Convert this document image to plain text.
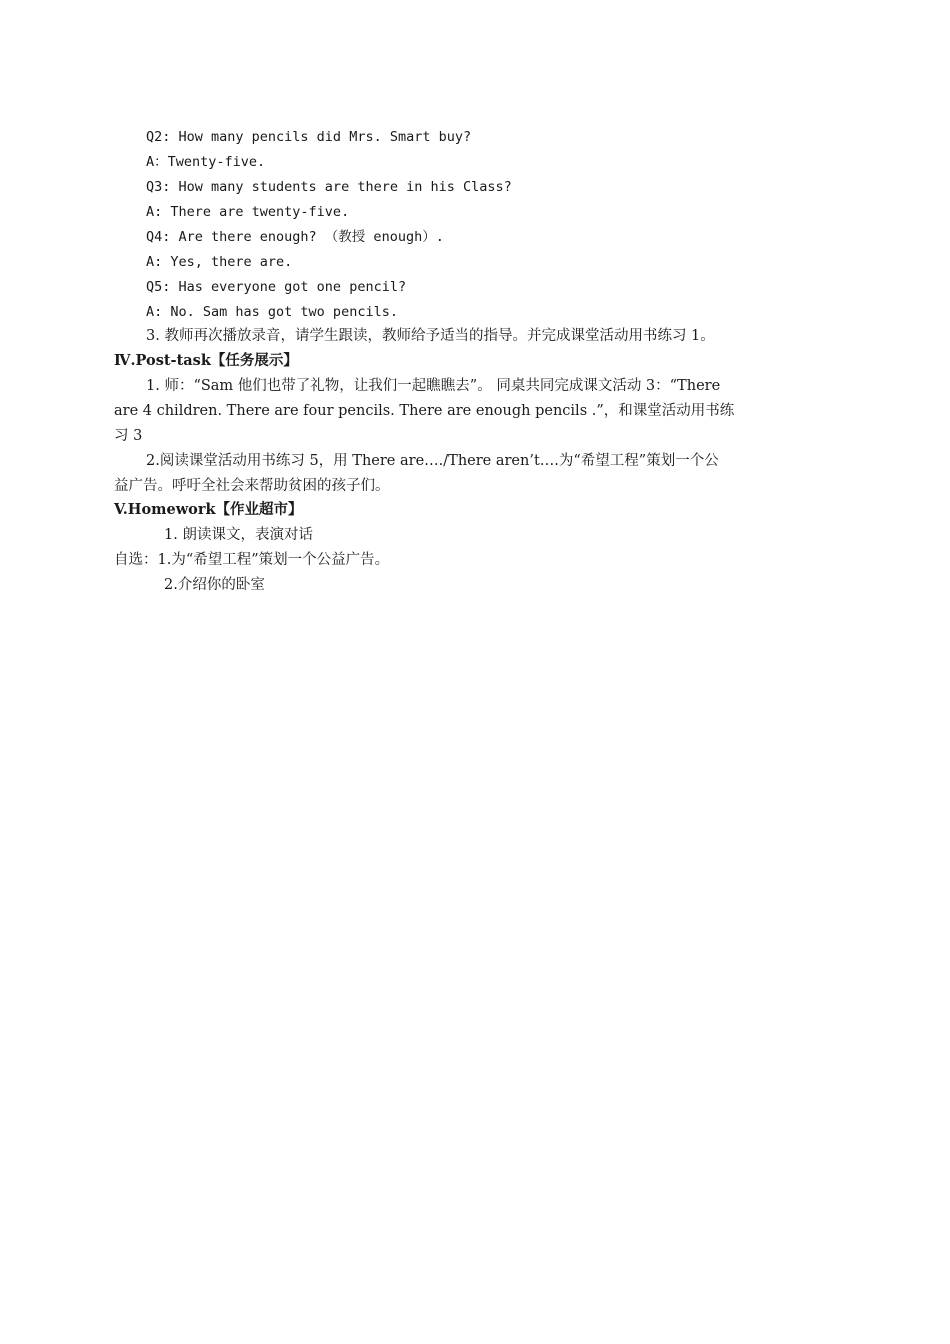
Q2: How many pencils did Mrs. Smart buy?
A：Twenty-five.
Q3: How many students are there in his Class?
A: There are twenty-five.
Q4: Are there enough? （教授 enough）.
A: Yes, there are.
Q5: Has everyone got one pencil?
A: No. Sam has got two pencils.
3. 教师再次播放录音，请学生跟读，教师给予适当的指导。并完成课堂活动用书练习 1。
Ⅳ.Post-task【任务展示】
1. 师：“Sam 他们也带了礼物，让我们一起瞧瞧去”。 同桌共同完成课文活动 3：“There
are 4 children. There are four pencils. There are enough pencils .”，和课堂活动用书练
习 3
2.阅读课堂活动用书练习 5，用 There are…./There aren’t….为“希望工程”策划一个公
益广告。呼吁全社会来帮助贫困的孩子们。
V.Homework【作业超市】
1. 朗读课文，表演对话
自选：1.为“希望工程”策划一个公益广告。
2.介绍你的卧室
